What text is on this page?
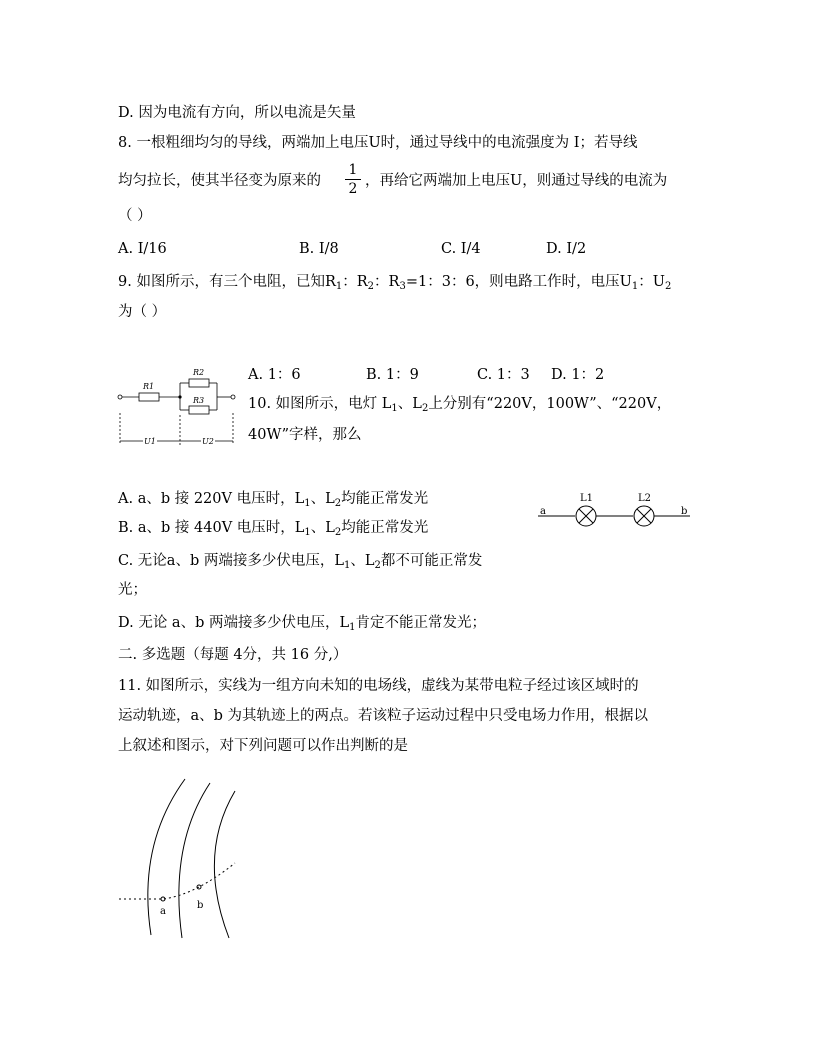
D. 因为电流有方向，所以电流是矢量
8. 一根粗细均匀的导线，两端加上电压U时，通过导线中的电流强度为 I；若导线
均匀拉长，使其半径变为原来的
1
2 ，再给它两端加上电压U，则通过导线的电流为
（ ）
A. I/16	B. I/8	C. I/4	D. I/2
9. 如图所示，有三个电阻，已知$R_1$：$R_2$：$R_3=1$：3：6，则电路工作时，电压$U_1$：$U_2$
为（ ）
A. 1：6	B. 1：9	C. 1：3 D. 1：2
R1
R2
R3
U1	U2
10. 如图所示，电灯 $L_1$、$L_2$上分别有“220V，100W”、“220V，
40W”字样，那么
A. a、b 接 220V 电压时，$L_1$、$L_2$均能正常发光
B. a、b 接 440V 电压时，$L_1$、$L_2$均能正常发光
C. 无论a、b 两端接多少伏电压，$L_1$、$L_2$都不可能正常发
光；
D. 无论 a、b 两端接多少伏电压，$L_1$肯定不能正常发光；
a	b
L1	L2
二. 多选题（每题 4分，共 16 分,）
11. 如图所示，实线为一组方向未知的电场线，虚线为某带电粒子经过该区域时的
运动轨迹，a、b 为其轨迹上的两点。若该粒子运动过程中只受电场力作用，根据以
上叙述和图示，对下列问题可以作出判断的是
a
b
